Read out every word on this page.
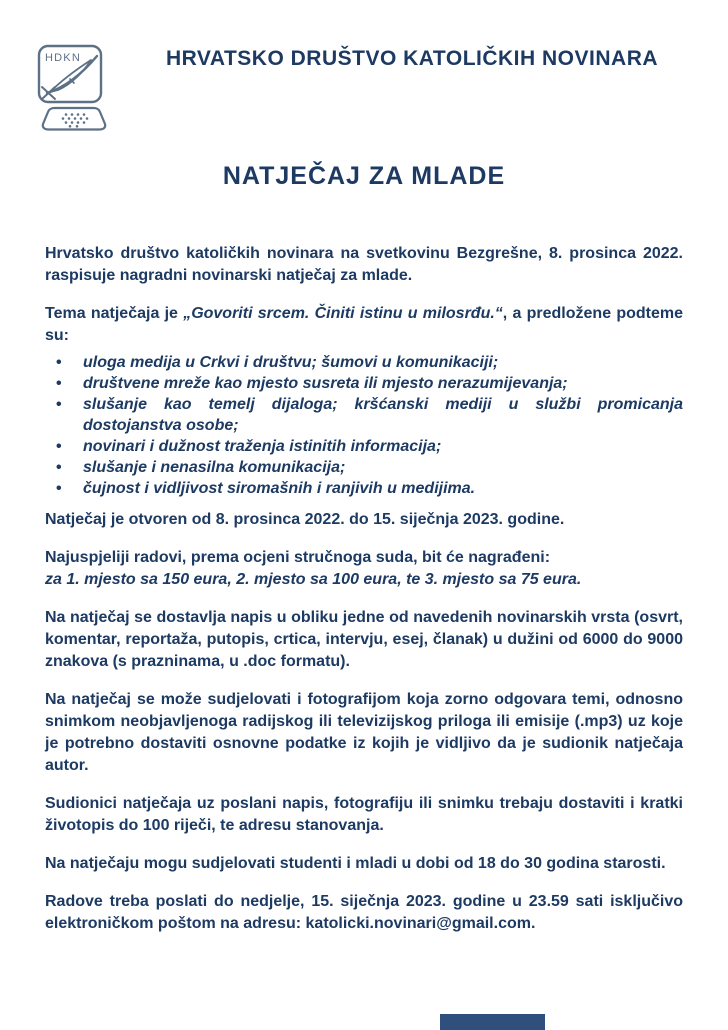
HDKN	HRVATSKO DRUŠTVO KATOLIČKIH NOVINARA
NATJEČAJ ZA MLADE

Hrvatsko društvo katoličkih novinara na svetkovinu Bezgrešne, 8. prosinca 2022. raspisuje nagradni novinarski natječaj za mlade.

Tema natječaja je „Govoriti srcem. Činiti istinu u milosrđu.“, a predložene podteme su:

• uloga medija u Crkvi i društvu; šumovi u komunikaciji;
• društvene mreže kao mjesto susreta ili mjesto nerazumijevanja;
• slušanje kao temelj dijaloga; kršćanski mediji u službi promicanja dostojanstva osobe;
• novinari i dužnost traženja istinitih informacija;
• slušanje i nenasilna komunikacija;
• čujnost i vidljivost siromašnih i ranjivih u medijima.

Natječaj je otvoren od 8. prosinca 2022. do 15. siječnja 2023. godine.

Najuspjeliji radovi, prema ocjeni stručnoga suda, bit će nagrađeni:
za 1. mjesto sa 150 eura, 2. mjesto sa 100 eura, te 3. mjesto sa 75 eura.

Na natječaj se dostavlja napis u obliku jedne od navedenih novinarskih vrsta (osvrt, komentar, reportaža, putopis, crtica, intervju, esej, članak) u dužini od 6000 do 9000 znakova (s prazninama, u .doc formatu).

Na natječaj se može sudjelovati i fotografijom koja zorno odgovara temi, odnosno snimkom neobjavljenoga radijskog ili televizijskog priloga ili emisije (.mp3) uz koje je potrebno dostaviti osnovne podatke iz kojih je vidljivo da je sudionik natječaja autor.

Sudionici natječaja uz poslani napis, fotografiju ili snimku trebaju dostaviti i kratki životopis do 100 riječi, te adresu stanovanja.

Na natječaju mogu sudjelovati studenti i mladi u dobi od 18 do 30 godina starosti.

Radove treba poslati do nedjelje, 15. siječnja 2023. godine u 23.59 sati isključivo elektroničkom poštom na adresu: katolicki.novinari@gmail.com.
